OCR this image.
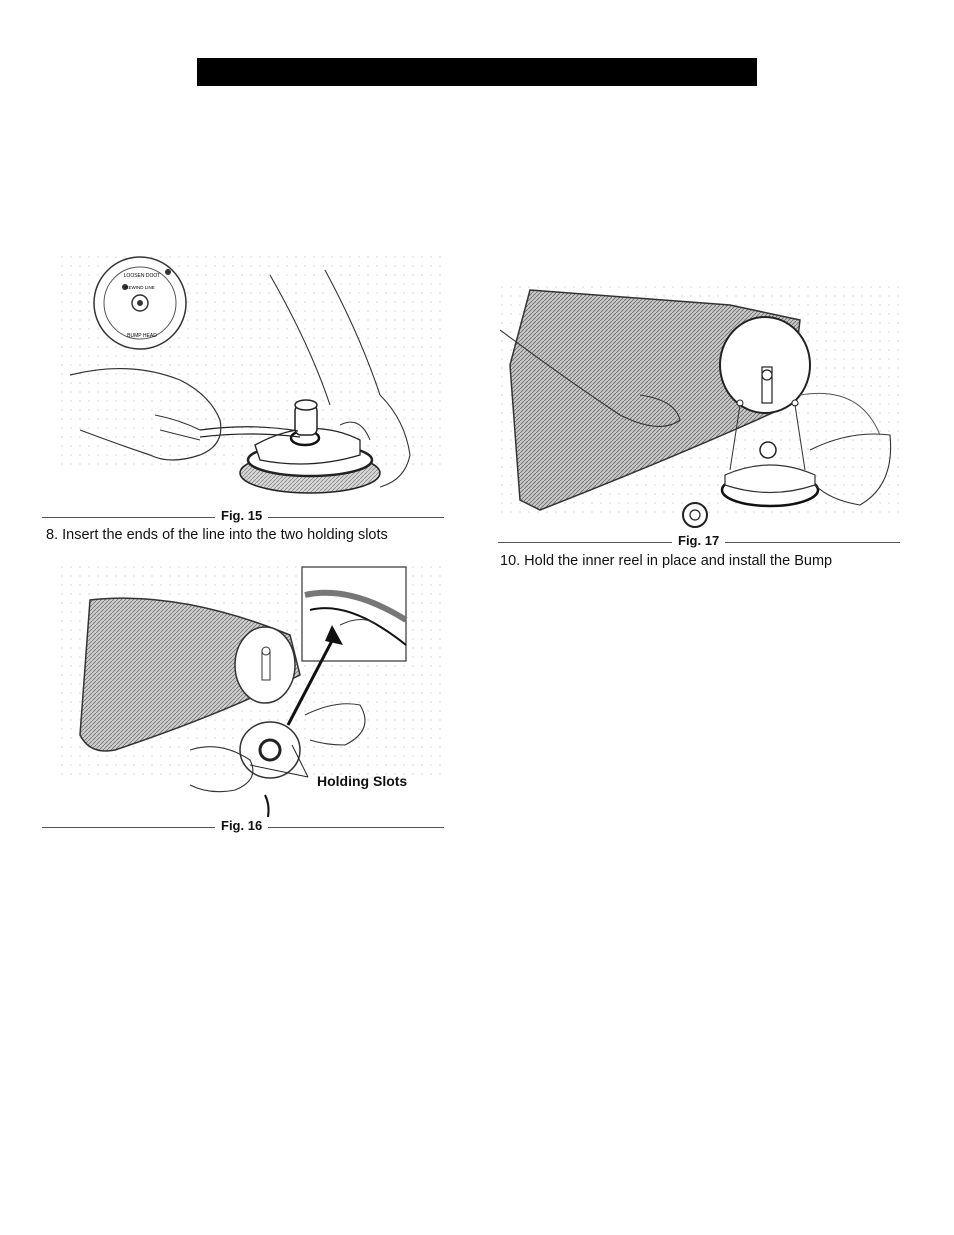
LOOSEN DOOT
REWIND LINE
BUMP HEAD
Fig. 15
8. Insert the ends of the line into the two holding slots
Holding Slots
Fig. 16
Fig. 17
10. Hold the inner reel in place and install the Bump
